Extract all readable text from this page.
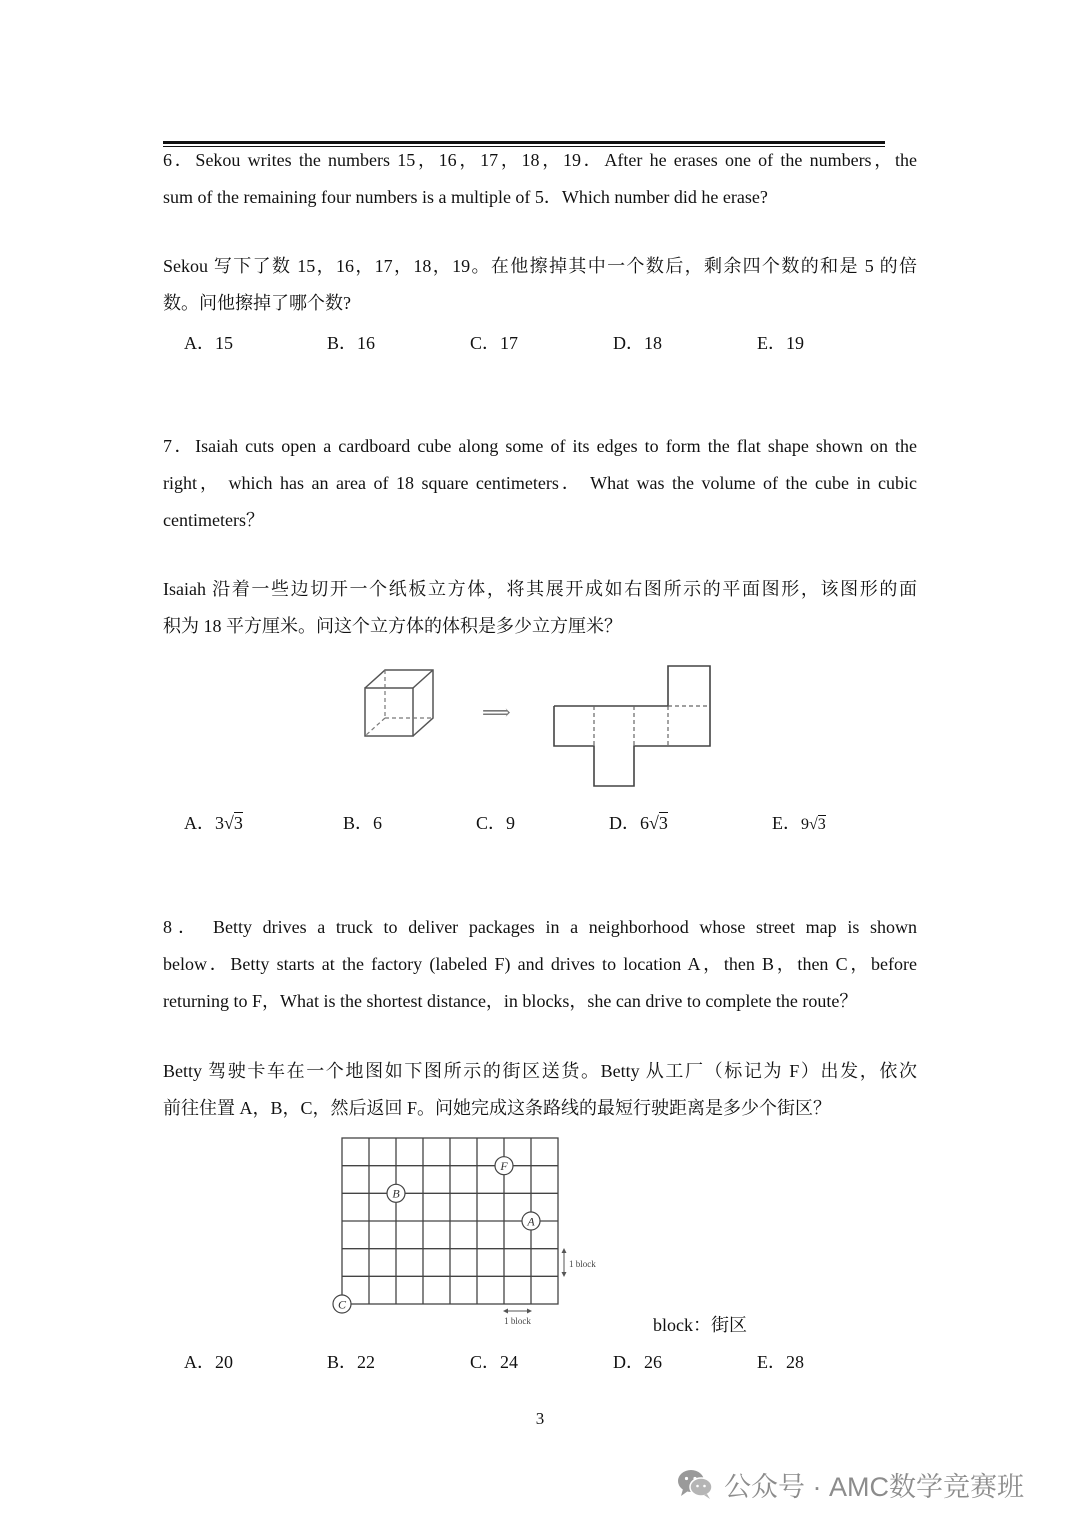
6．Sekou writes the numbers 15，16，17，18，19．After he erases one of the numbers，the
sum of the remaining four numbers is a multiple of 5．Which number did he erase?
Sekou 写下了数 15，16，17，18，19。在他擦掉其中一个数后，剩余四个数的和是 5 的倍
数。问他擦掉了哪个数?
A．15	B．16	C．17	D．18	E．19
7．Isaiah cuts open a cardboard cube along some of its edges to form the flat shape shown on the
right， which has an area of 18 square centimeters． What was the volume of the cube in cubic
centimeters？
Isaiah 沿着一些边切开一个纸板立方体，将其展开成如右图所示的平面图形，该图形的面
积为 18 平方厘米。问这个立方体的体积是多少立方厘米？
⟹
A．3√3	B．6	C．9	D．6√3	E．9√3
8． Betty drives a truck to deliver packages in a neighborhood whose street map is shown
below．Betty starts at the factory (labeled F) and drives to location A，then B，then C，before
returning to F，What is the shortest distance，in blocks，she can drive to complete the route？
Betty 驾驶卡车在一个地图如下图所示的街区送货。Betty 从工厂（标记为 F）出发，依次
前往住置 A，B，C，然后返回 F。问她完成这条路线的最短行驶距离是多少个街区？
F
B
A
C
1 block
1 block	block：街区
A．20	B．22	C．24	D．26	E．28
3
公众号 · AMC数学竞赛班
